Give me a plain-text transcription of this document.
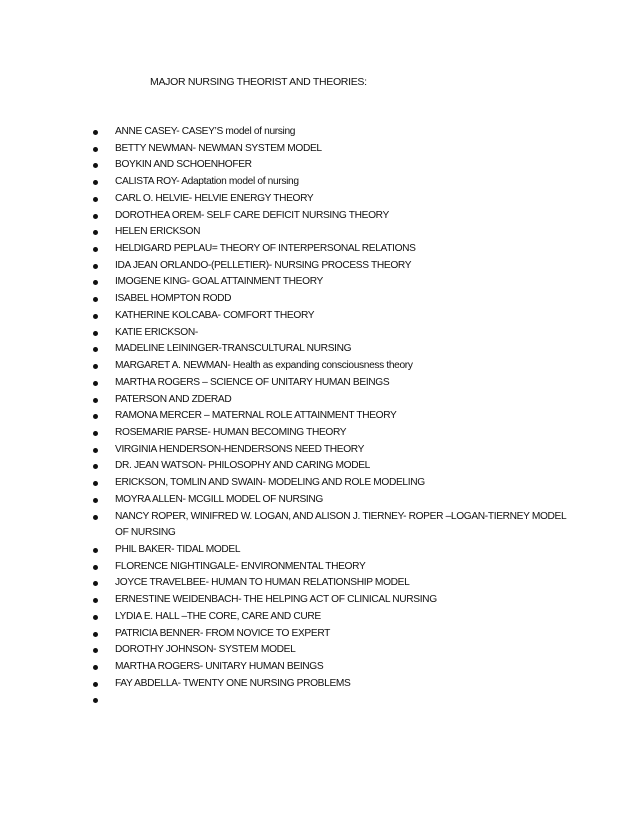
MAJOR NURSING THEORIST AND THEORIES:
ANNE CASEY- CASEY’S model of nursing
BETTY NEWMAN- NEWMAN SYSTEM MODEL
BOYKIN AND SCHOENHOFER
CALISTA ROY- Adaptation model of nursing
CARL O. HELVIE- HELVIE ENERGY THEORY
DOROTHEA OREM- SELF CARE DEFICIT NURSING THEORY
HELEN ERICKSON
HELDIGARD PEPLAU= THEORY OF INTERPERSONAL RELATIONS
IDA JEAN ORLANDO-(PELLETIER)- NURSING PROCESS THEORY
IMOGENE KING- GOAL ATTAINMENT THEORY
ISABEL HOMPTON RODD
KATHERINE KOLCABA- COMFORT THEORY
KATIE ERICKSON-
MADELINE LEININGER-TRANSCULTURAL NURSING
MARGARET A. NEWMAN- Health as expanding consciousness theory
MARTHA ROGERS – SCIENCE OF UNITARY HUMAN BEINGS
PATERSON AND ZDERAD
RAMONA MERCER – MATERNAL ROLE ATTAINMENT THEORY
ROSEMARIE PARSE- HUMAN BECOMING THEORY
VIRGINIA HENDERSON-HENDERSONS NEED THEORY
DR. JEAN WATSON- PHILOSOPHY AND CARING MODEL
ERICKSON, TOMLIN AND SWAIN- MODELING AND ROLE MODELING
MOYRA ALLEN- MCGILL MODEL OF NURSING
NANCY ROPER, WINIFRED W. LOGAN, AND ALISON J. TIERNEY- ROPER –LOGAN-TIERNEY MODEL OF NURSING
PHIL BAKER- TIDAL MODEL
FLORENCE NIGHTINGALE- ENVIRONMENTAL THEORY
JOYCE TRAVELBEE- HUMAN TO HUMAN RELATIONSHIP MODEL
ERNESTINE WEIDENBACH- THE HELPING ACT OF CLINICAL NURSING
LYDIA E. HALL –THE CORE, CARE AND CURE
PATRICIA BENNER- FROM NOVICE TO EXPERT
DOROTHY JOHNSON- SYSTEM MODEL
MARTHA ROGERS- UNITARY HUMAN BEINGS
FAY ABDELLA- TWENTY ONE NURSING PROBLEMS
